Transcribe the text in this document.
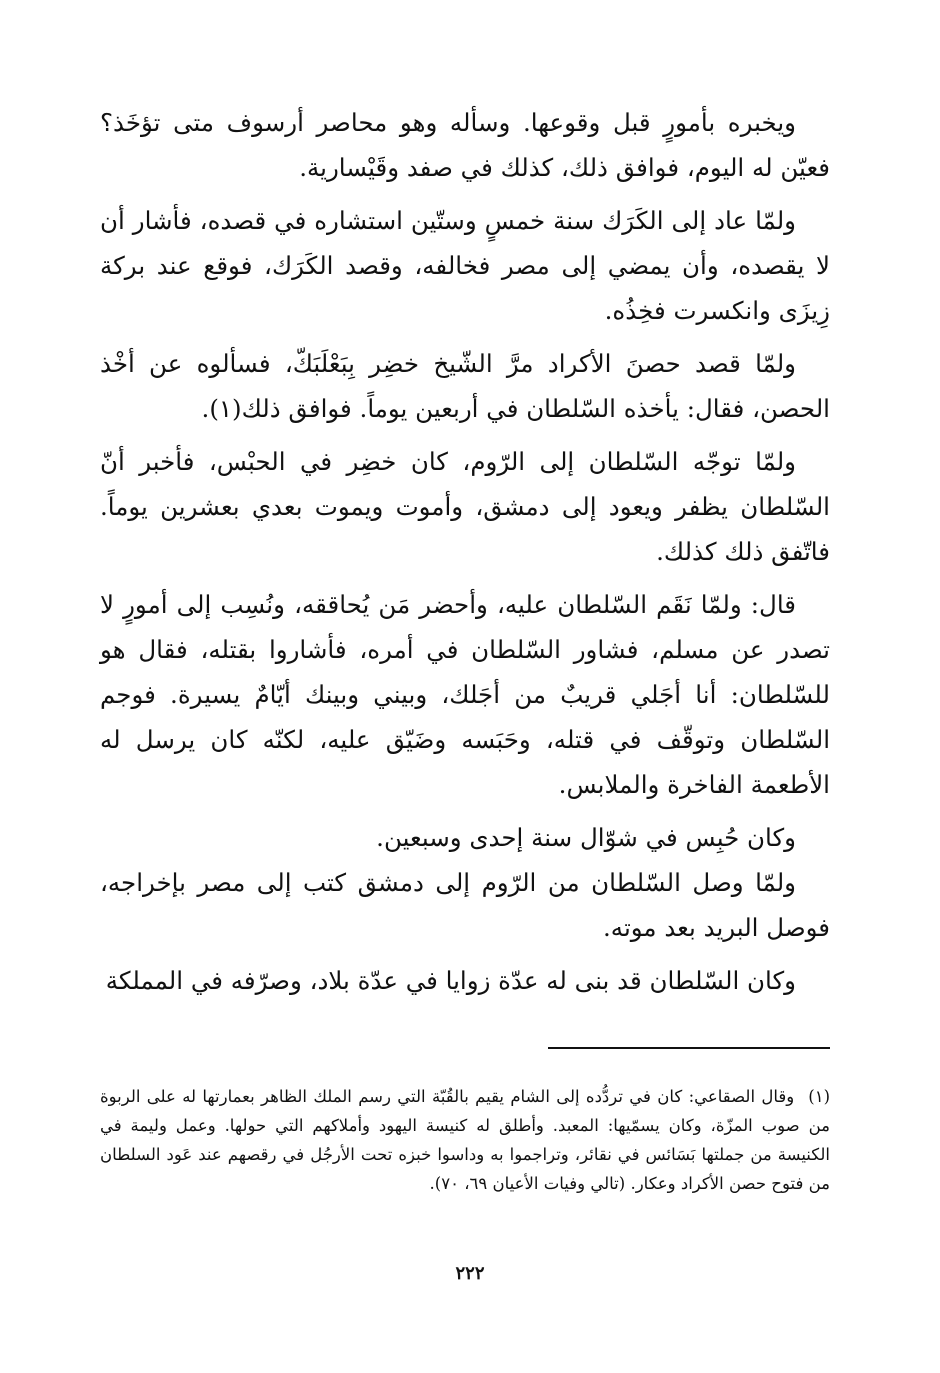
ويخبره بأمورٍ قبل وقوعها. وسأله وهو محاصر أرسوف متى تؤخَذ؟ فعيّن له اليوم، فوافق ذلك، كذلك في صفد وقَيْسارية.

ولمّا عاد إلى الكَرَك سنة خمسٍ وستّين استشاره في قصده، فأشار أن لا يقصده، وأن يمضي إلى مصر فخالفه، وقصد الكَرَك، فوقع عند بركة زِيزَى وانكسرت فخِذُه.

ولمّا قصد حصنَ الأكراد مرَّ الشّيخ خضِر بِبَعْلَبَكّ، فسألوه عن أخْذ الحصن، فقال: يأخذه السّلطان في أربعين يوماً. فوافق ذلك(١).

ولمّا توجّه السّلطان إلى الرّوم، كان خضِر في الحبْس، فأخبر أنّ السّلطان يظفر ويعود إلى دمشق، وأموت ويموت بعدي بعشرين يوماً. فاتّفق ذلك كذلك.

قال: ولمّا نَقَم السّلطان عليه، وأحضر مَن يُحاققه، ونُسِب إلى أمورٍ لا تصدر عن مسلم، فشاور السّلطان في أمره، فأشاروا بقتله، فقال هو للسّلطان: أنا أجَلي قريبٌ من أجَلك، وبيني وبينك أيّامٌ يسيرة. فوجم السّلطان وتوقّف في قتله، وحَبَسه وضَيّق عليه، لكنّه كان يرسل له الأطعمة الفاخرة والملابس.

وكان حُبِس في شوّال سنة إحدى وسبعين.

ولمّا وصل السّلطان من الرّوم إلى دمشق كتب إلى مصر بإخراجه، فوصل البريد بعد موته.

وكان السّلطان قد بنى له عدّة زوايا في عدّة بلاد، وصرّفه في المملكة

(١)وقال الصقاعي: كان في تردُّده إلى الشام يقيم بالقُبّة التي رسم الملك الظاهر بعمارتها له على الربوة من صوب المزّة، وكان يسمّيها: المعبد. وأطلق له كنيسة اليهود وأملاكهم التي حولها. وعمل وليمة في الكنيسة من جملتها بَسَائس في نقائر، وتراجموا به وداسوا خبزه تحت الأرجُل في رقصهم عند عَود السلطان من فتوح حصن الأكراد وعكار. (تالي وفيات الأعيان ٦٩، ٧٠).
٢٢٢
